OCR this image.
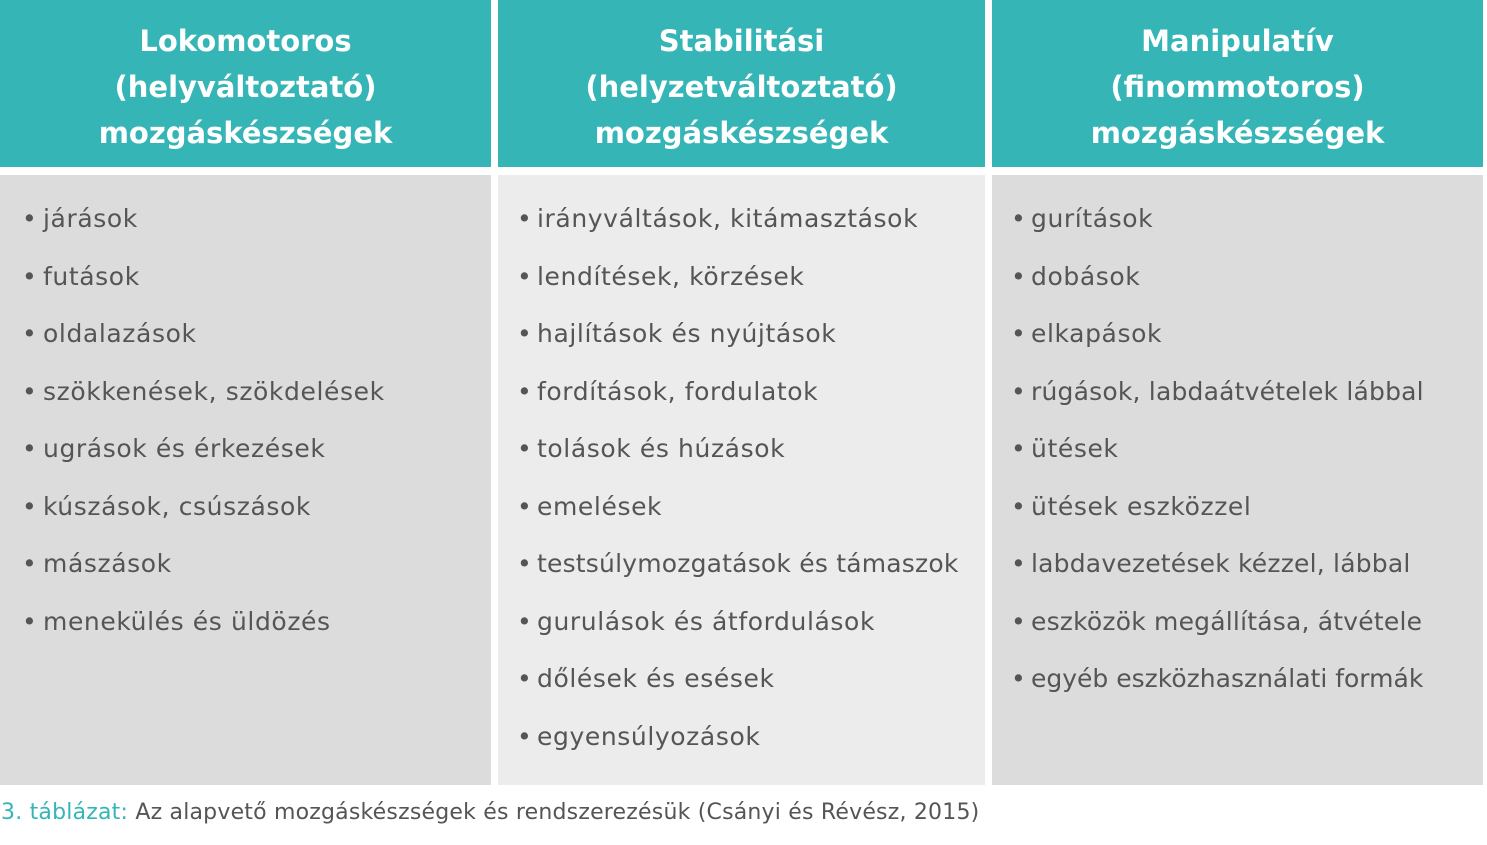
Lokomotoros
(helyváltoztató)
mozgáskészségek
• járások
• futások
• oldalazások
• szökkenések, szökdelések
• ugrások és érkezések
• kúszások, csúszások
• mászások
• menekülés és üldözés
Stabilitási
(helyzetváltoztató)
mozgáskészségek
• irányváltások, kitámasztások
• lendítések, körzések
• hajlítások és nyújtások
• fordítások, fordulatok
• tolások és húzások
• emelések
• testsúlymozgatások és támaszok
• gurulások és átfordulások
• dőlések és esések
• egyensúlyozások
Manipulatív
(finommotoros)
mozgáskészségek
• gurítások
• dobások
• elkapások
• rúgások, labdaátvételek lábbal
• ütések
• ütések eszközzel
• labdavezetések kézzel, lábbal
• eszközök megállítása, átvétele
• egyéb eszközhasználati formák
3. táblázat: Az alapvető mozgáskészségek és rendszerezésük (Csányi és Révész, 2015)
